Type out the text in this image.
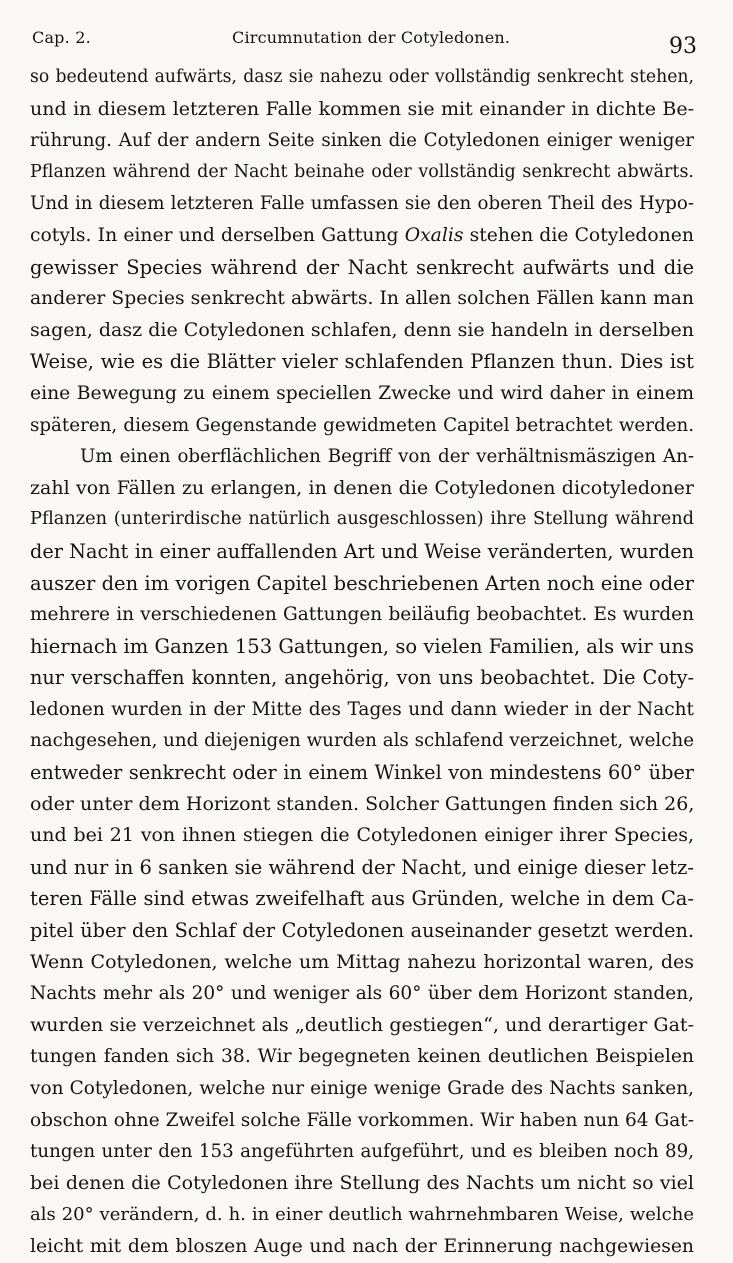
Cap. 2.	Circumnutation der Cotyledonen.	93
so bedeutend aufwärts, dasz sie nahezu oder vollständig senkrecht stehen,
und in diesem letzteren Falle kommen sie mit einander in dichte Be-
rührung. Auf der andern Seite sinken die Cotyledonen einiger weniger
Pflanzen während der Nacht beinahe oder vollständig senkrecht abwärts.
Und in diesem letzteren Falle umfassen sie den oberen Theil des Hypo-
cotyls. In einer und derselben Gattung Oxalis stehen die Cotyledonen
gewisser Species während der Nacht senkrecht aufwärts und die
anderer Species senkrecht abwärts. In allen solchen Fällen kann man
sagen, dasz die Cotyledonen schlafen, denn sie handeln in derselben
Weise, wie es die Blätter vieler schlafenden Pflanzen thun. Dies ist
eine Bewegung zu einem speciellen Zwecke und wird daher in einem
späteren, diesem Gegenstande gewidmeten Capitel betrachtet werden.
Um einen oberflächlichen Begriff von der verhältnismäszigen An-
zahl von Fällen zu erlangen, in denen die Cotyledonen dicotyledoner
Pflanzen (unterirdische natürlich ausgeschlossen) ihre Stellung während
der Nacht in einer auffallenden Art und Weise veränderten, wurden
auszer den im vorigen Capitel beschriebenen Arten noch eine oder
mehrere in verschiedenen Gattungen beiläufig beobachtet. Es wurden
hiernach im Ganzen 153 Gattungen, so vielen Familien, als wir uns
nur verschaffen konnten, angehörig, von uns beobachtet. Die Coty-
ledonen wurden in der Mitte des Tages und dann wieder in der Nacht
nachgesehen, und diejenigen wurden als schlafend verzeichnet, welche
entweder senkrecht oder in einem Winkel von mindestens 60° über
oder unter dem Horizont standen. Solcher Gattungen finden sich 26,
und bei 21 von ihnen stiegen die Cotyledonen einiger ihrer Species,
und nur in 6 sanken sie während der Nacht, und einige dieser letz-
teren Fälle sind etwas zweifelhaft aus Gründen, welche in dem Ca-
pitel über den Schlaf der Cotyledonen auseinander gesetzt werden.
Wenn Cotyledonen, welche um Mittag nahezu horizontal waren, des
Nachts mehr als 20° und weniger als 60° über dem Horizont standen,
wurden sie verzeichnet als „deutlich gestiegen“, und derartiger Gat-
tungen fanden sich 38. Wir begegneten keinen deutlichen Beispielen
von Cotyledonen, welche nur einige wenige Grade des Nachts sanken,
obschon ohne Zweifel solche Fälle vorkommen. Wir haben nun 64 Gat-
tungen unter den 153 angeführten aufgeführt, und es bleiben noch 89,
bei denen die Cotyledonen ihre Stellung des Nachts um nicht so viel
als 20° verändern, d. h. in einer deutlich wahrnehmbaren Weise, welche
leicht mit dem bloszen Auge und nach der Erinnerung nachgewiesen
